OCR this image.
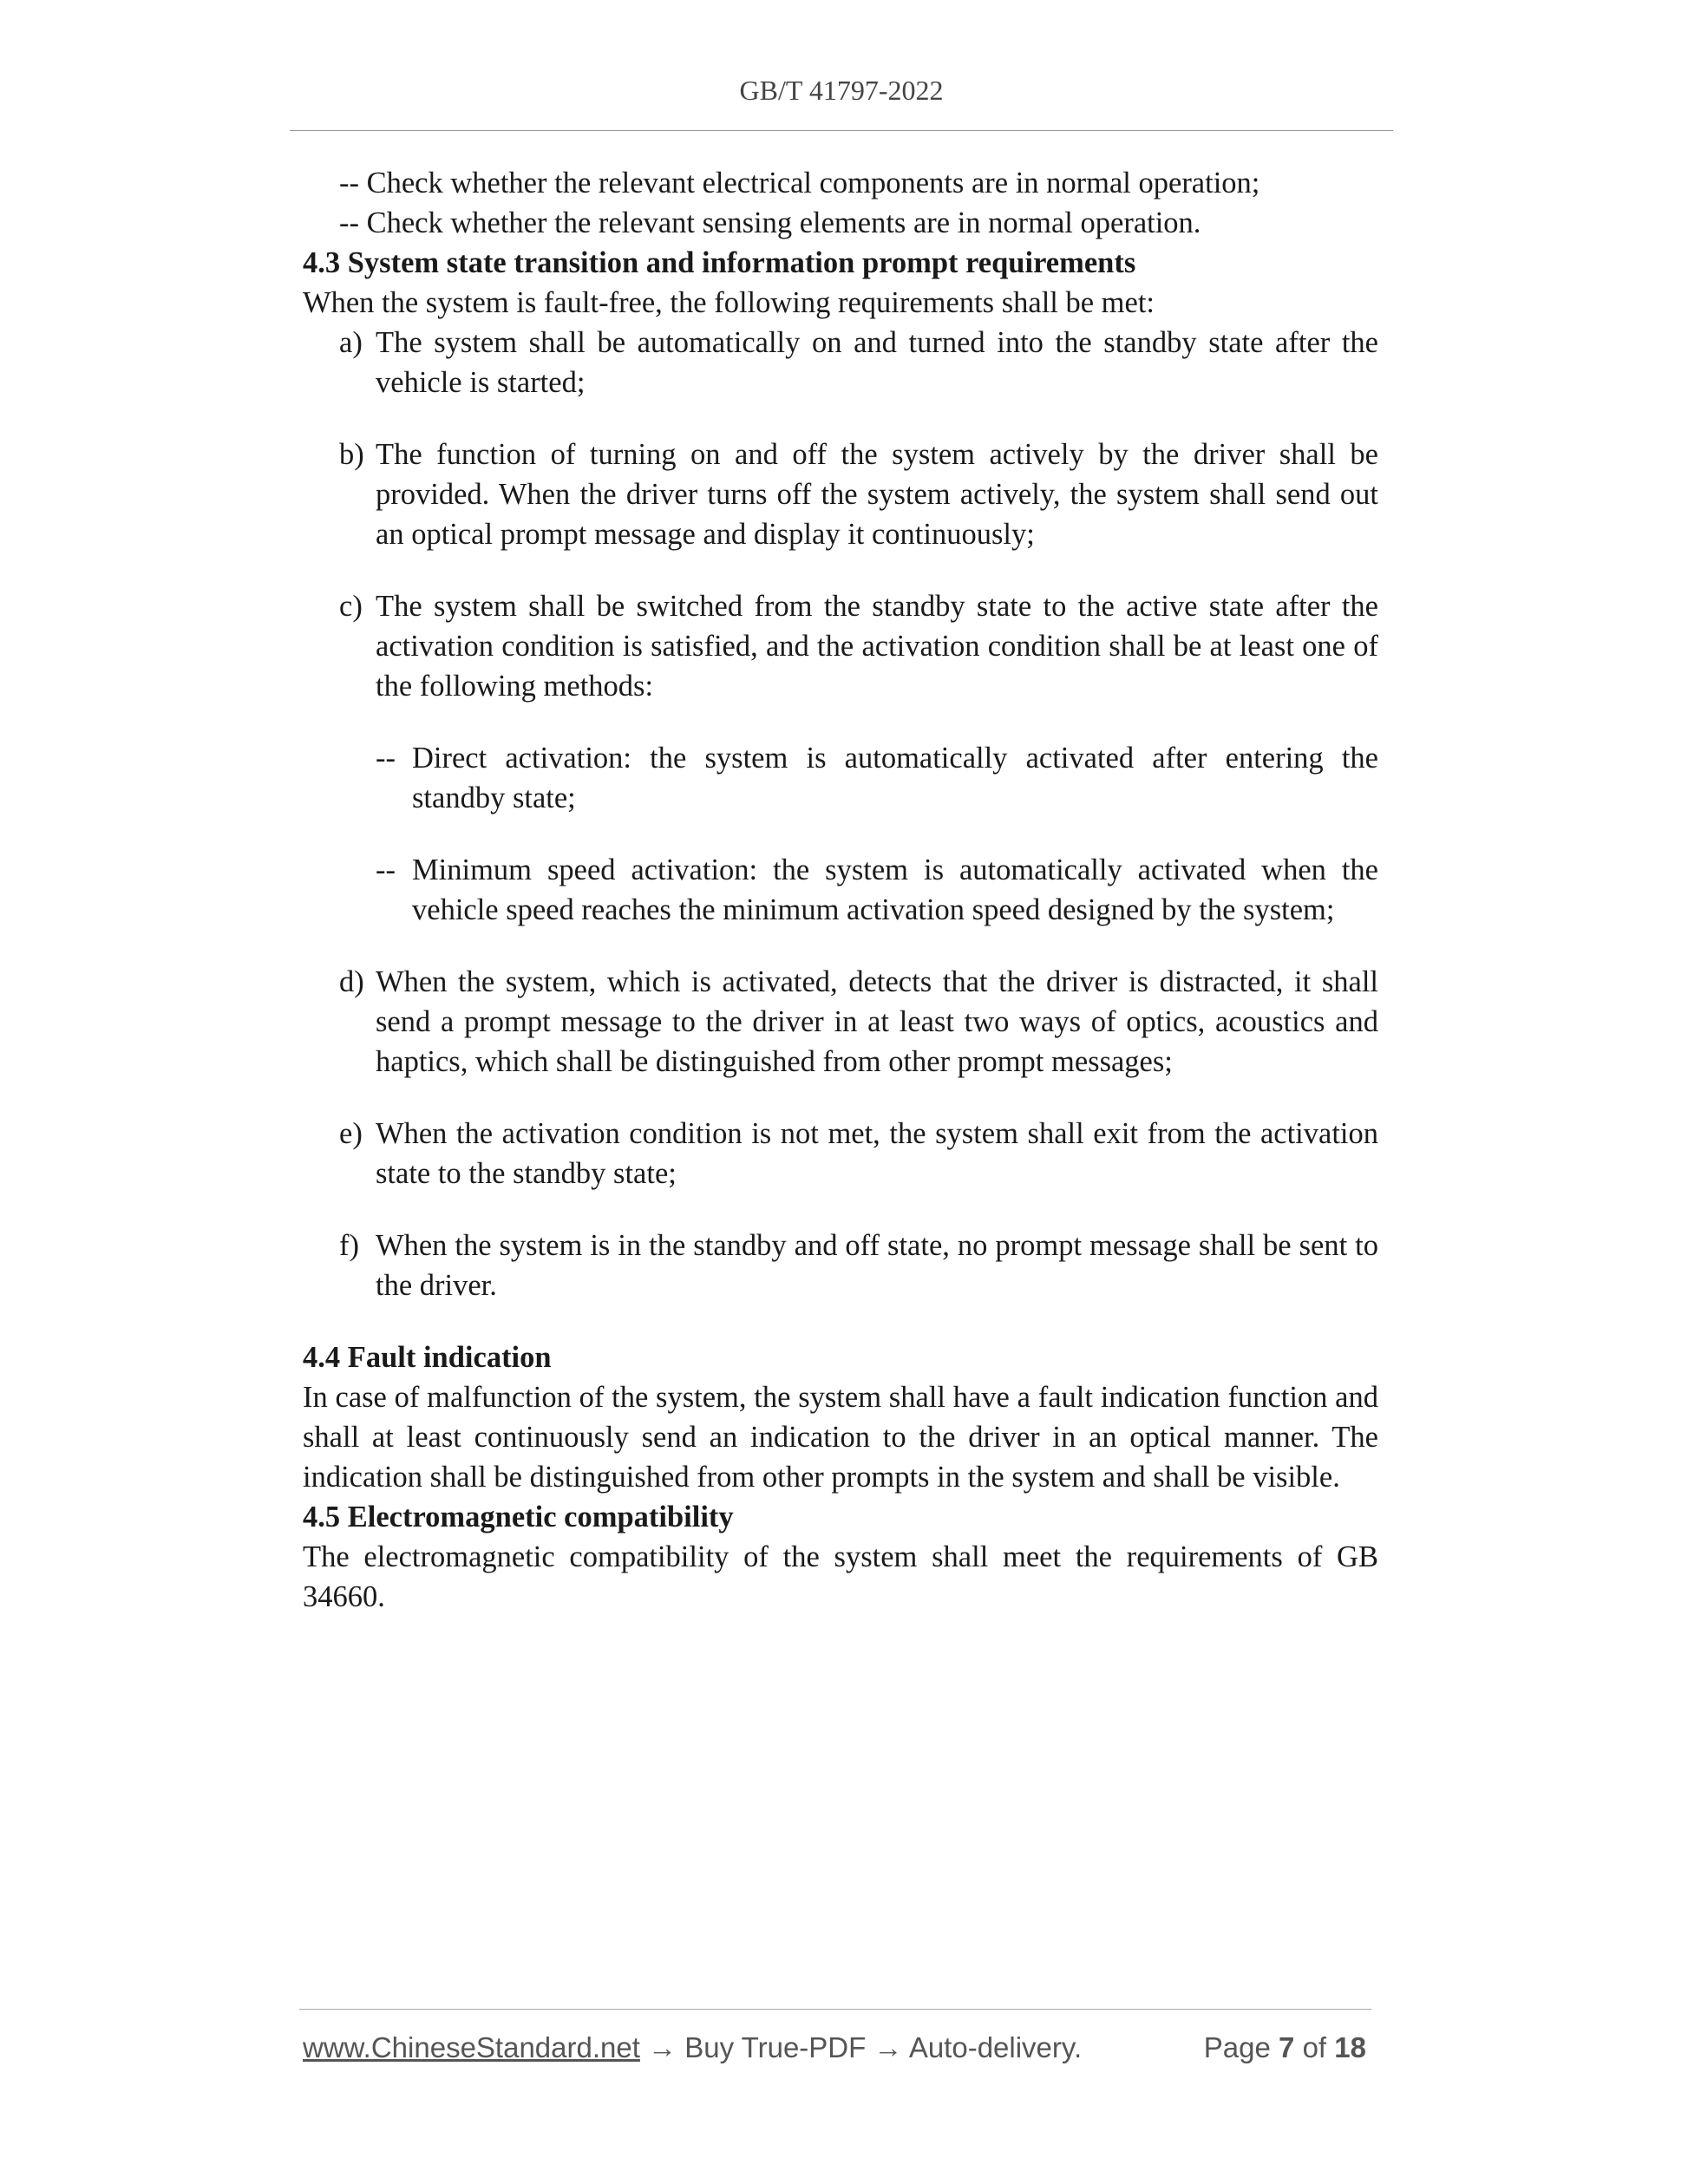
GB/T 41797-2022

-- Check whether the relevant electrical components are in normal operation;

-- Check whether the relevant sensing elements are in normal operation.

4.3 System state transition and information prompt requirements

When the system is fault-free, the following requirements shall be met:

a) The system shall be automatically on and turned into the standby state after the vehicle is started;
b) The function of turning on and off the system actively by the driver shall be provided. When the driver turns off the system actively, the system shall send out an optical prompt message and display it continuously;
c) The system shall be switched from the standby state to the active state after the activation condition is satisfied, and the activation condition shall be at least one of the following methods:
-- Direct activation: the system is automatically activated after entering the standby state;
-- Minimum speed activation: the system is automatically activated when the vehicle speed reaches the minimum activation speed designed by the system;
d) When the system, which is activated, detects that the driver is distracted, it shall send a prompt message to the driver in at least two ways of optics, acoustics and haptics, which shall be distinguished from other prompt messages;
e) When the activation condition is not met, the system shall exit from the activation state to the standby state;
f) When the system is in the standby and off state, no prompt message shall be sent to the driver.

4.4 Fault indication

In case of malfunction of the system, the system shall have a fault indication function and shall at least continuously send an indication to the driver in an optical manner. The indication shall be distinguished from other prompts in the system and shall be visible.

4.5 Electromagnetic compatibility

The electromagnetic compatibility of the system shall meet the requirements of GB 34660.

www.ChineseStandard.net → Buy True-PDF → Auto-delivery.	Page 7 of 18
